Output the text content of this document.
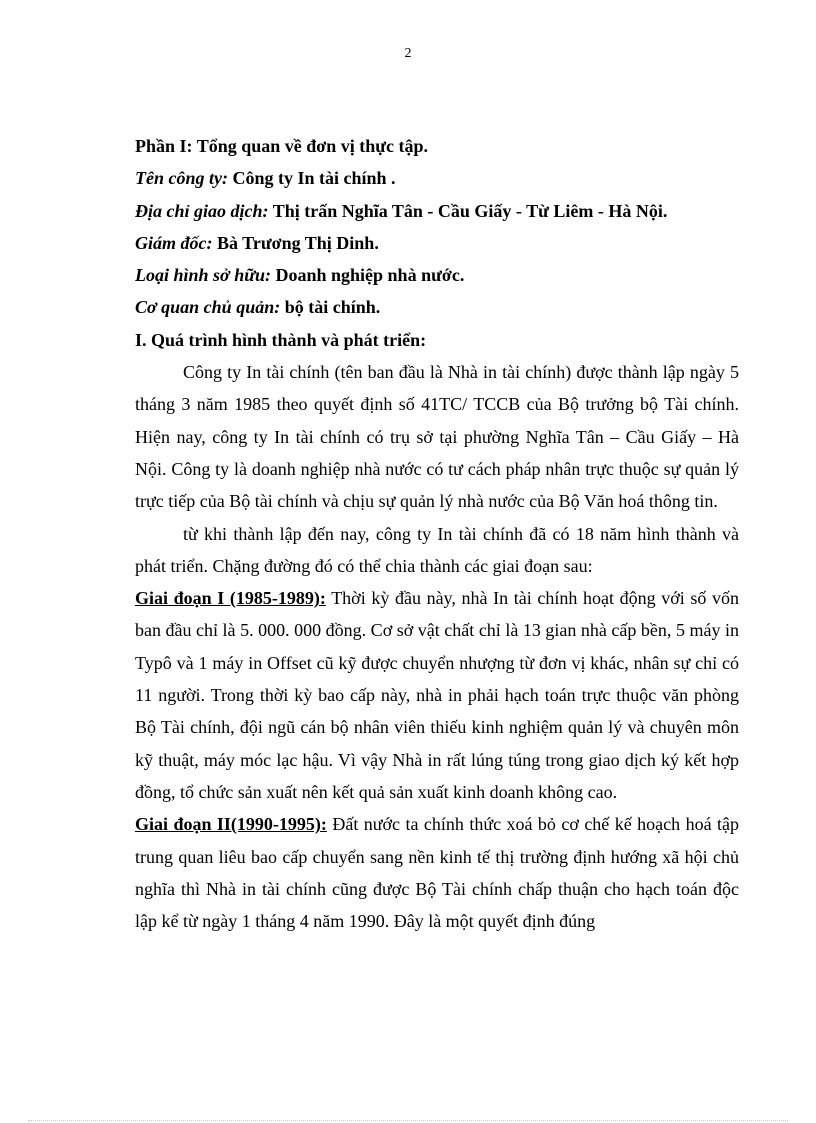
2

Phần I: Tổng quan về đơn vị thực tập.

Tên công ty: Công ty In tài chính .

Địa chỉ giao dịch: Thị trấn Nghĩa Tân - Cầu Giấy - Từ Liêm - Hà Nội.

Giám đốc: Bà Trương Thị Dinh.

Loại hình sở hữu: Doanh nghiệp nhà nước.

Cơ quan chủ quản: bộ tài chính.

I. Quá trình hình thành và phát triển:

Công ty In tài chính (tên ban đầu là Nhà in tài chính) được thành lập ngày 5 tháng 3 năm 1985 theo quyết định số 41TC/ TCCB của Bộ trưởng bộ Tài chính. Hiện nay, công ty In tài chính có trụ sở tại phường Nghĩa Tân – Cầu Giấy – Hà Nội. Công ty là doanh nghiệp nhà nước có tư cách pháp nhân trực thuộc sự quản lý trực tiếp của Bộ tài chính và chịu sự quản lý nhà nước của Bộ Văn hoá thông tin.

từ khi thành lập đến nay, công ty In tài chính đã có 18 năm hình thành và phát triển. Chặng đường đó có thể chia thành các giai đoạn sau:

Giai đoạn I (1985-1989): Thời kỳ đầu này, nhà In tài chính hoạt động với số vốn ban đầu chỉ là 5. 000. 000 đồng. Cơ sở vật chất chỉ là 13 gian nhà cấp bền, 5 máy in Typô và 1 máy in Offset cũ kỹ được chuyển nhượng từ đơn vị khác, nhân sự chỉ có 11 người. Trong thời kỳ bao cấp này, nhà in phải hạch toán trực thuộc văn phòng Bộ Tài chính, đội ngũ cán bộ nhân viên thiếu kinh nghiệm quản lý và chuyên môn kỹ thuật, máy móc lạc hậu. Vì vậy Nhà in rất lúng túng trong giao dịch ký kết hợp đồng, tổ chức sản xuất nên kết quả sản xuất kinh doanh không cao.

Giai đoạn II(1990-1995): Đất nước ta chính thức xoá bỏ cơ chế kế hoạch hoá tập trung quan liêu bao cấp chuyển sang nền kinh tế thị trường định hướng xã hội chủ nghĩa thì Nhà in tài chính cũng được Bộ Tài chính chấp thuận cho hạch toán độc lập kể từ ngày 1 tháng 4 năm 1990. Đây là một quyết định đúng
